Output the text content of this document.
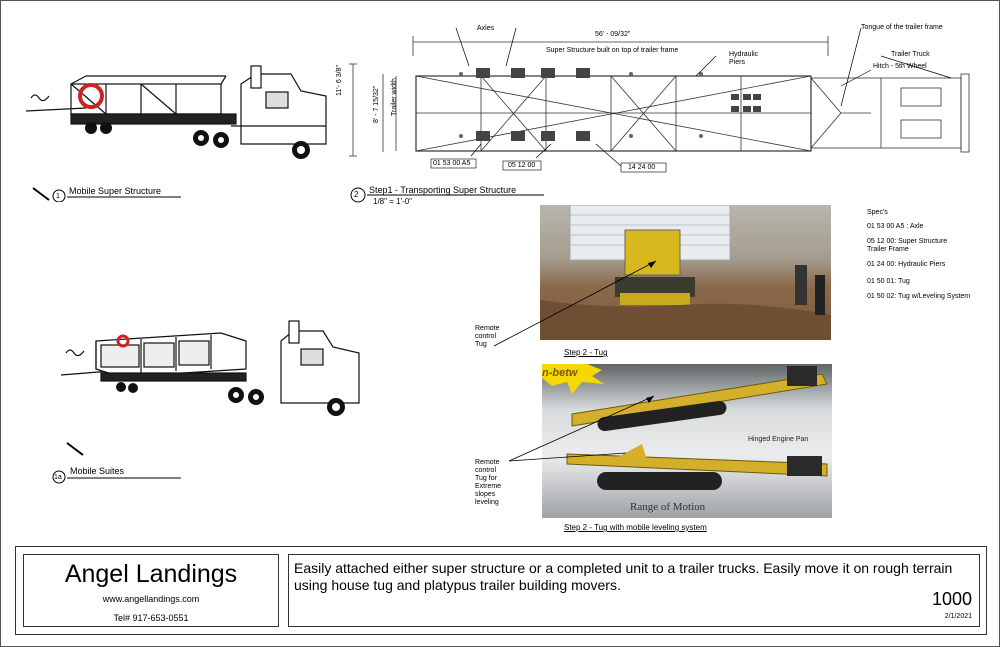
1
Mobile Super Structure
1a
Mobile Suites
56' - 09/32"
Super Structure built on top of trailer frame
Axles
Hydraulic
Piers
Tongue of the trailer frame
Trailer Truck
Hitch - 5th Wheel
11'- 6 3/8"
8' - 7 15/32" Trailer width
01 53 00 A5	05 12 00	14 24 00
2 Step1 - Transporting Super Structure
1/8" = 1'-0"
Spec's
01 53 00 A5 : Axle
05 12 00: Super Structure Trailer Frame
01 24 00: Hydraulic Piers
01 50 01: Tug
01 50 02: Tug w/Leveling System
Step 2 - Tug
Remote
control
Tug
n-betw
Range of Motion
Hinged Engine Pan
Step 2 - Tug with mobile leveling system
Remote
control
Tug for
Extreme
slopes
leveling
Angel Landings
www.angellandings.com
Tel# 917-653-0551
Easily attached either super structure or a completed unit to a trailer trucks. Easily move it on rough terrain using house tug and platypus trailer building movers.
1000
2/1/2021
